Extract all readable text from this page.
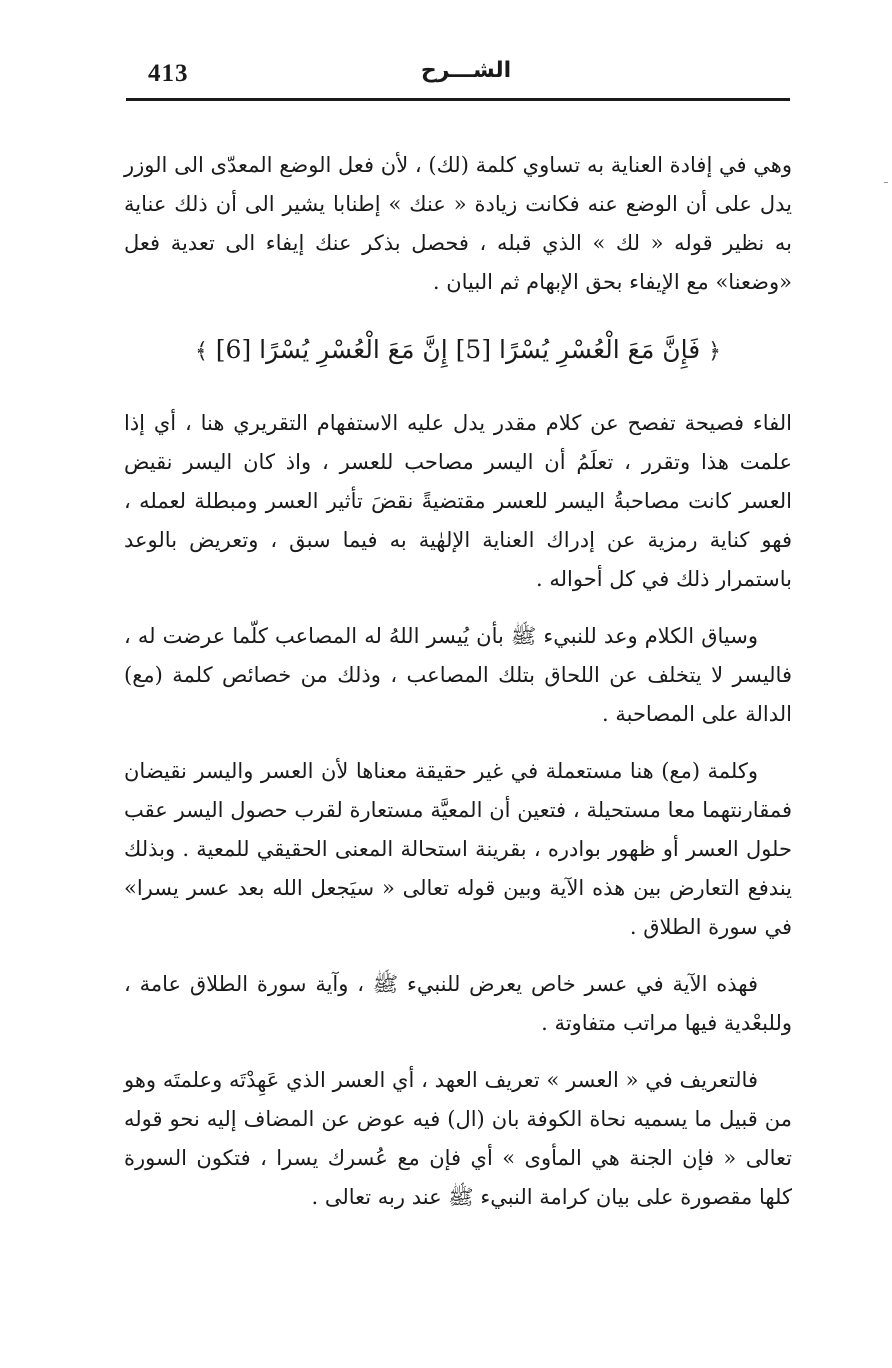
413	الشـــرح

وهي في إفادة العناية به تساوي كلمة (لك) ، لأن فعل الوضع المعدّى الى الوزر يدل على أن الوضع عنه فكانت زيادة « عنك » إطنابا يشير الى أن ذلك عناية به نظير قوله « لك » الذي قبله ، فحصل بذكر عنك إيفاء الى تعدية فعل «وضعنا» مع الإيفاء بحق الإبهام ثم البيان .

﴿ فَإِنَّ مَعَ الْعُسْرِ يُسْرًا [5] إِنَّ مَعَ الْعُسْرِ يُسْرًا [6] ﴾

الفاء فصيحة تفصح عن كلام مقدر يدل عليه الاستفهام التقريري هنا ، أي إذا علمت هذا وتقرر ، تعلَمُ أن اليسر مصاحب للعسر ، واذ كان اليسر نقيض العسر كانت مصاحبةُ اليسر للعسر مقتضيةً نقضَ تأثير العسر ومبطلة لعمله ، فهو كناية رمزية عن إدراك العناية الإلهٰية به فيما سبق ، وتعريض بالوعد باستمرار ذلك في كل أحواله .

وسياق الكلام وعد للنبيء ﷺ بأن يُيسر اللهُ له المصاعب كلّما عرضت له ، فاليسر لا يتخلف عن اللحاق بتلك المصاعب ، وذلك من خصائص كلمة (مع) الدالة على المصاحبة .

وكلمة (مع) هنا مستعملة في غير حقيقة معناها لأن العسر واليسر نقيضان فمقارنتهما معا مستحيلة ، فتعين أن المعيَّة مستعارة لقرب حصول اليسر عقب حلول العسر أو ظهور بوادره ، بقرينة استحالة المعنى الحقيقي للمعية . وبذلك يندفع التعارض بين هذه الآية وبين قوله تعالى « سيَجعل الله بعد عسر يسرا» في سورة الطلاق .

فهذه الآية في عسر خاص يعرض للنبيء ﷺ ، وآية سورة الطلاق عامة ، وللبعْدية فيها مراتب متفاوتة .

فالتعريف في « العسر » تعريف العهد ، أي العسر الذي عَهِدْتَه وعلمتَه وهو من قبيل ما يسميه نحاة الكوفة بان (ال) فيه عوض عن المضاف إليه نحو قوله تعالى « فإن الجنة هي المأوى » أي فإن مع عُسرك يسرا ، فتكون السورة كلها مقصورة على بيان كرامة النبيء ﷺ عند ربه تعالى .
